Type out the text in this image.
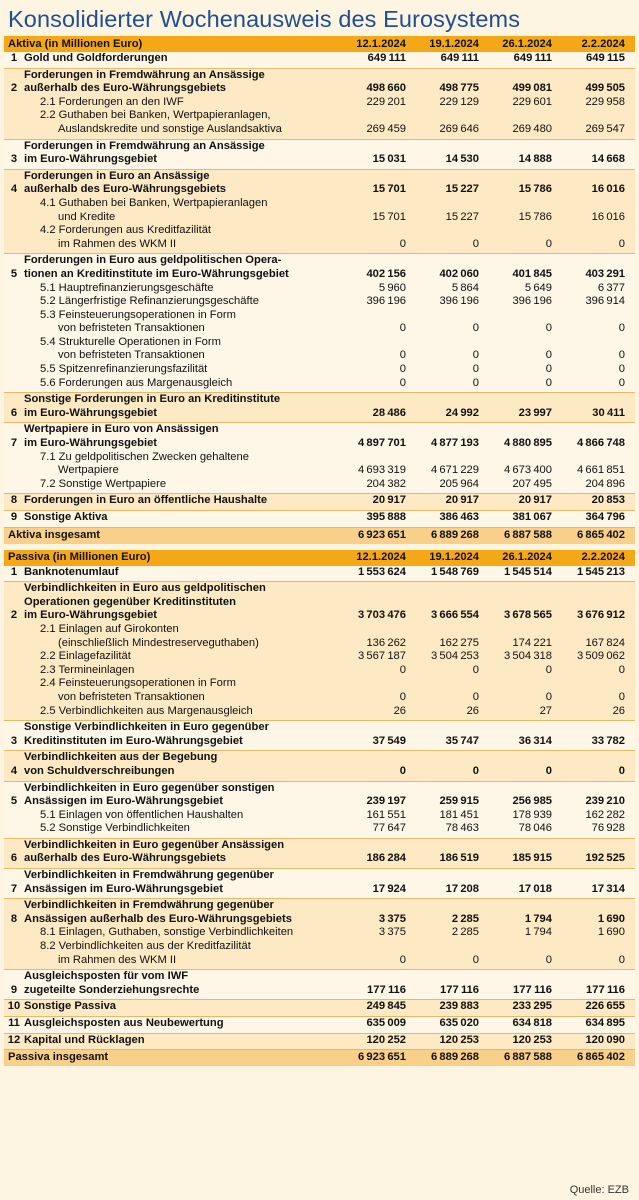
Konsolidierter Wochenausweis des Eurosystems
Aktiva (in Millionen Euro)		12.1.2024	19.1.2024	26.1.2024	2.2.2024
1	Gold und Goldforderungen	649 111	649 111	649 111	649 115
2	Forderungen in Fremdwährung an Ansässige
außerhalb des Euro-Währungsgebiets	498 660	498 775	499 081	499 505
	2.1 Forderungen an den IWF	229 201	229 129	229 601	229 958
	2.2 Guthaben bei Banken, Wertpapieranlagen,
Auslandskredite und sonstige Auslandsaktiva	269 459	269 646	269 480	269 547
3	Forderungen in Fremdwährung an Ansässige
im Euro-Währungsgebiet	15 031	14 530	14 888	14 668
4	Forderungen in Euro an Ansässige
außerhalb des Euro-Währungsgebiets	15 701	15 227	15 786	16 016
	4.1 Guthaben bei Banken, Wertpapieranlagen
und Kredite	15 701	15 227	15 786	16 016
	4.2 Forderungen aus Kreditfazilität
im Rahmen des WKM II	0	0	0	0
5	Forderungen in Euro aus geldpolitischen Opera-
tionen an Kreditinstitute im Euro-Währungsgebiet	402 156	402 060	401 845	403 291
	5.1 Hauptrefinanzierungsgeschäfte	5 960	5 864	5 649	6 377
	5.2 Längerfristige Refinanzierungsgeschäfte	396 196	396 196	396 196	396 914
	5.3 Feinsteuerungsoperationen in Form
von befristeten Transaktionen	0	0	0	0
	5.4 Strukturelle Operationen in Form
von befristeten Transaktionen	0	0	0	0
	5.5 Spitzenrefinanzierungsfazilität	0	0	0	0
	5.6 Forderungen aus Margenausgleich	0	0	0	0
6	Sonstige Forderungen in Euro an Kreditinstitute
im Euro-Währungsgebiet	28 486	24 992	23 997	30 411
7	Wertpapiere in Euro von Ansässigen
im Euro-Währungsgebiet	4 897 701	4 877 193	4 880 895	4 866 748
	7.1 Zu geldpolitischen Zwecken gehaltene
Wertpapiere	4 693 319	4 671 229	4 673 400	4 661 851
	7.2 Sonstige Wertpapiere	204 382	205 964	207 495	204 896
8	Forderungen in Euro an öffentliche Haushalte	20 917	20 917	20 917	20 853
9	Sonstige Aktiva	395 888	386 463	381 067	364 796
Aktiva insgesamt		6 923 651	6 889 268	6 887 588	6 865 402
Passiva (in Millionen Euro)		12.1.2024	19.1.2024	26.1.2024	2.2.2024
1	Banknotenumlauf	1 553 624	1 548 769	1 545 514	1 545 213
2	Verbindlichkeiten in Euro aus geldpolitischen
Operationen gegenüber Kreditinstituten
im Euro-Währungsgebiet	3 703 476	3 666 554	3 678 565	3 676 912
	2.1 Einlagen auf Girokonten
(einschließlich Mindestreserveguthaben)	136 262	162 275	174 221	167 824
	2.2 Einlagefazilität	3 567 187	3 504 253	3 504 318	3 509 062
	2.3 Termineinlagen	0	0	0	0
	2.4 Feinsteuerungsoperationen in Form
von befristeten Transaktionen	0	0	0	0
	2.5 Verbindlichkeiten aus Margenausgleich	26	26	27	26
3	Sonstige Verbindlichkeiten in Euro gegenüber
Kreditinstituten im Euro-Währungsgebiet	37 549	35 747	36 314	33 782
4	Verbindlichkeiten aus der Begebung
von Schuldverschreibungen	0	0	0	0
5	Verbindlichkeiten in Euro gegenüber sonstigen
Ansässigen im Euro-Währungsgebiet	239 197	259 915	256 985	239 210
	5.1 Einlagen von öffentlichen Haushalten	161 551	181 451	178 939	162 282
	5.2 Sonstige Verbindlichkeiten	77 647	78 463	78 046	76 928
6	Verbindlichkeiten in Euro gegenüber Ansässigen
außerhalb des Euro-Währungsgebiets	186 284	186 519	185 915	192 525
7	Verbindlichkeiten in Fremdwährung gegenüber
Ansässigen im Euro-Währungsgebiet	17 924	17 208	17 018	17 314
8	Verbindlichkeiten in Fremdwährung gegenüber
Ansässigen außerhalb des Euro-Währungsgebiets	3 375	2 285	1 794	1 690
	8.1 Einlagen, Guthaben, sonstige Verbindlichkeiten	3 375	2 285	1 794	1 690
	8.2 Verbindlichkeiten aus der Kreditfazilität
im Rahmen des WKM II	0	0	0	0
9	Ausgleichsposten für vom IWF
zugeteilte Sonderziehungsrechte	177 116	177 116	177 116	177 116
10	Sonstige Passiva	249 845	239 883	233 295	226 655
11	Ausgleichsposten aus Neubewertung	635 009	635 020	634 818	634 895
12	Kapital und Rücklagen	120 252	120 253	120 253	120 090
Passiva insgesamt		6 923 651	6 889 268	6 887 588	6 865 402
Quelle: EZB
